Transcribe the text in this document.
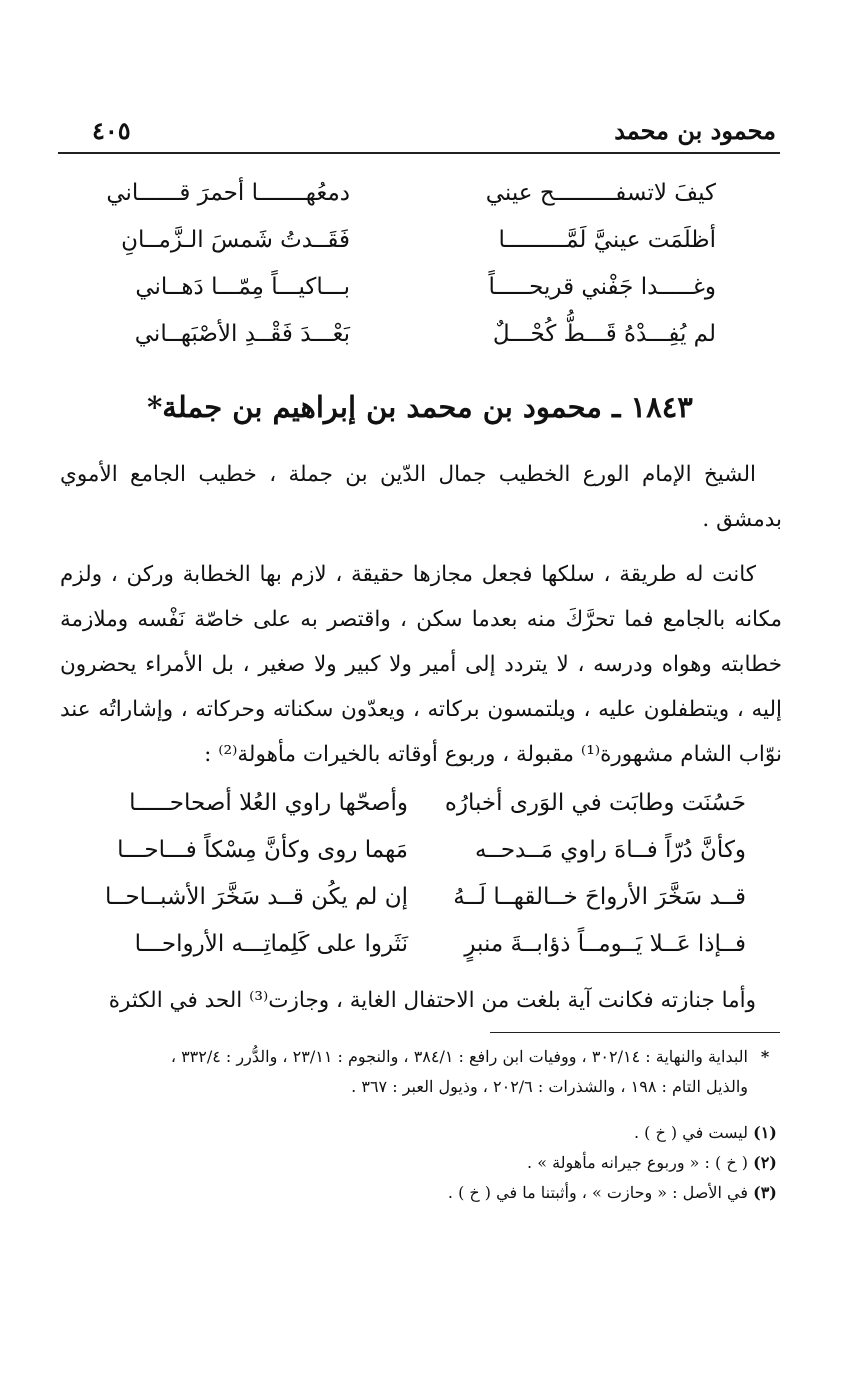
محمود بن محمد
٤٠٥
كيفَ لاتسفـــــــــح عيني
دمعُهـــــــا أحمرَ قــــــاني
أظلَمَت عينيَّ لَمَّـــــــــا
فَقَــدتُ شَمسَ الـزَّمــانِ
وغـــــدا جَفْني قريحـــــاً
بـــاكيـــاً مِمّـــا دَهــاني
لم يُفِـــدْهُ قَـــطُّ كُحْـــلٌ
بَعْـــدَ فَقْــدِ الأصْبَهــاني
١٨٤٣ ـ محمود بن محمد بن إبراهيم بن جملة*

الشيخ الإمام الورع الخطيب جمال الدّين بن جملة ، خطيب الجامع الأموي بدمشق .

كانت له طريقة ، سلكها فجعل مجازها حقيقة ، لازم بها الخطابة وركن ، ولزم مكانه بالجامع فما تحرَّكَ منه بعدما سكن ، واقتصر به على خاصّة نَفْسه وملازمة خطابته وهواه ودرسه ، لا يتردد إلى أمير ولا كبير ولا صغير ، بل الأمراء يحضرون إليه ، ويتطفلون عليه ، ويلتمسون بركاته ، ويعدّون سكناته وحركاته ، وإشاراتُه عند نوّاب الشام مشهورة⁽¹⁾ مقبولة ، وربوع أوقاته بالخيرات مأهولة⁽²⁾ :

حَسُنَت وطابَت في الوَرى أخبارُه
وأصحّها راوي العُلا أصحاحـــــا
وكأنَّ دُرّاً فــاهَ راوي مَــدحــه
مَهما روى وكأنَّ مِسْكاً فـــاحـــا
قــد سَخَّرَ الأرواحَ خــالقهــا لَــهُ
إن لم يكُن قــد سَخَّرَ الأشبــاحــا
فــإذا عَــلا يَــومــاً ذؤابــةَ منبرٍ
نَثَروا على كَلِماتِـــه الأرواحـــا

وأما جنازته فكانت آية بلغت من الاحتفال الغاية ، وجازت⁽³⁾ الحد في الكثرة

*البداية والنهاية : ٣٠٢/١٤ ، ووفيات ابن رافع : ٣٨٤/١ ، والنجوم : ٢٣/١١ ، والدُّرر : ٣٣٢/٤ ،
والذيل التام : ١٩٨ ، والشذرات : ٢٠٢/٦ ، وذيول العبر : ٣٦٧ .
(١)ليست في ( خ ) .
(٢)( خ ) : « وربوع جيرانه مأهولة » .
(٣)في الأصل : « وحازت » ، وأثبتنا ما في ( خ ) .
